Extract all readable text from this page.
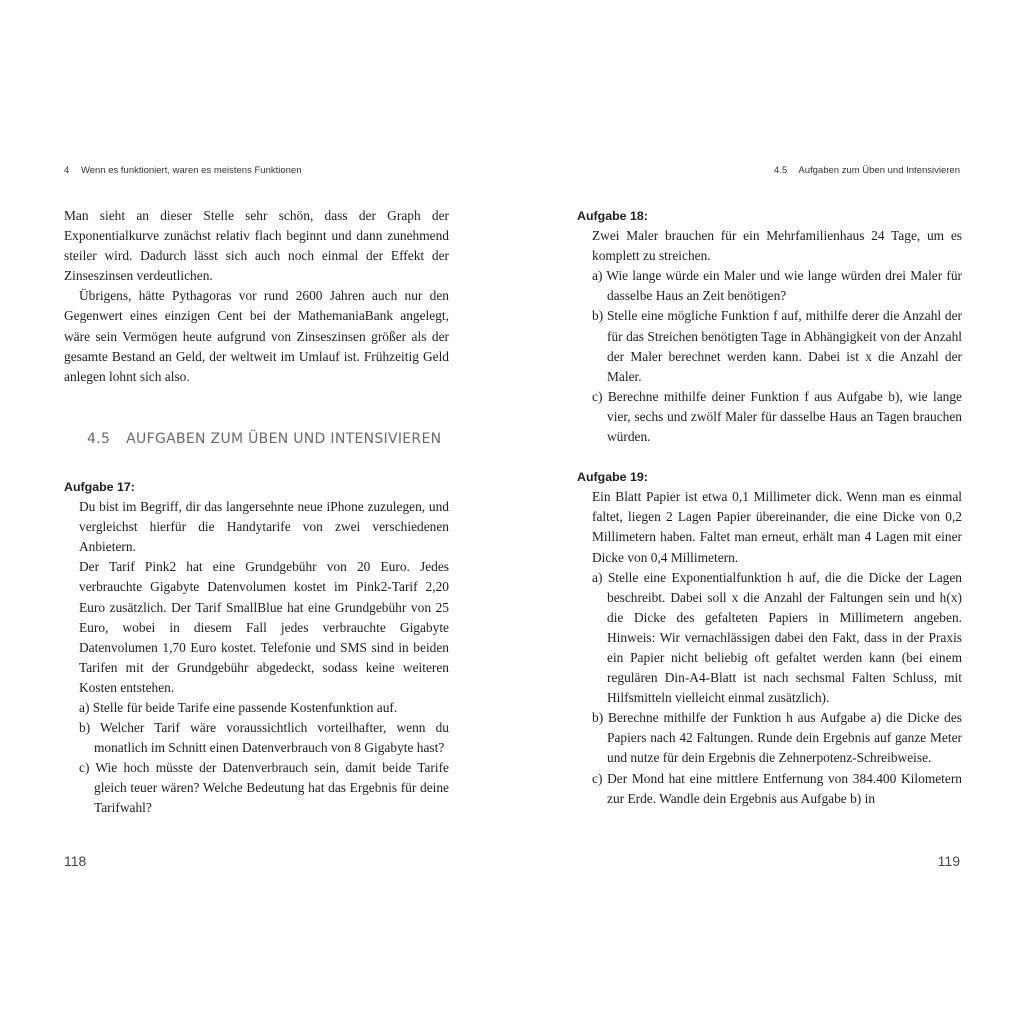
4 Wenn es funktioniert, waren es meistens Funktionen

Man sieht an dieser Stelle sehr schön, dass der Graph der Exponentialkurve zunächst relativ flach beginnt und dann zunehmend steiler wird. Dadurch lässt sich auch noch einmal der Effekt der Zinseszinsen verdeutlichen.

Übrigens, hätte Pythagoras vor rund 2600 Jahren auch nur den Gegenwert eines einzigen Cent bei der MathemaniaBank angelegt, wäre sein Vermögen heute aufgrund von Zinseszinsen größer als der gesamte Bestand an Geld, der weltweit im Umlauf ist. Frühzeitig Geld anlegen lohnt sich also.

4.5 AUFGABEN ZUM ÜBEN UND INTENSIVIEREN
Aufgabe 17:

Du bist im Begriff, dir das langersehnte neue iPhone zuzulegen, und vergleichst hierfür die Handytarife von zwei verschiedenen Anbietern.

Der Tarif Pink2 hat eine Grundgebühr von 20 Euro. Jedes verbrauchte Gigabyte Datenvolumen kostet im Pink2-Tarif 2,20 Euro zusätzlich. Der Tarif SmallBlue hat eine Grundgebühr von 25 Euro, wobei in diesem Fall jedes verbrauchte Gigabyte Datenvolumen 1,70 Euro kostet. Telefonie und SMS sind in beiden Tarifen mit der Grundgebühr abgedeckt, sodass keine weiteren Kosten entstehen.

a) Stelle für beide Tarife eine passende Kostenfunktion auf.

b) Welcher Tarif wäre voraussichtlich vorteilhafter, wenn du monatlich im Schnitt einen Datenverbrauch von 8 Gigabyte hast?

c) Wie hoch müsste der Datenverbrauch sein, damit beide Tarife gleich teuer wären? Welche Bedeutung hat das Ergebnis für deine Tarifwahl?

118
4.5 Aufgaben zum Üben und Intensivieren
Aufgabe 18:

Zwei Maler brauchen für ein Mehrfamilienhaus 24 Tage, um es komplett zu streichen.

a) Wie lange würde ein Maler und wie lange würden drei Maler für dasselbe Haus an Zeit benötigen?

b) Stelle eine mögliche Funktion f auf, mithilfe derer die Anzahl der für das Streichen benötigten Tage in Abhängigkeit von der Anzahl der Maler berechnet werden kann. Dabei ist x die Anzahl der Maler.

c) Berechne mithilfe deiner Funktion f aus Aufgabe b), wie lange vier, sechs und zwölf Maler für dasselbe Haus an Tagen brauchen würden.

Aufgabe 19:

Ein Blatt Papier ist etwa 0,1 Millimeter dick. Wenn man es einmal faltet, liegen 2 Lagen Papier übereinander, die eine Dicke von 0,2 Millimetern haben. Faltet man erneut, erhält man 4 Lagen mit einer Dicke von 0,4 Millimetern.

a) Stelle eine Exponentialfunktion h auf, die die Dicke der Lagen beschreibt. Dabei soll x die Anzahl der Faltungen sein und h(x) die Dicke des gefalteten Papiers in Millimetern angeben. Hinweis: Wir vernachlässigen dabei den Fakt, dass in der Praxis ein Papier nicht beliebig oft gefaltet werden kann (bei einem regulären Din-A4-Blatt ist nach sechsmal Falten Schluss, mit Hilfsmitteln vielleicht einmal zusätzlich).

b) Berechne mithilfe der Funktion h aus Aufgabe a) die Dicke des Papiers nach 42 Faltungen. Runde dein Ergebnis auf ganze Meter und nutze für dein Ergebnis die Zehnerpotenz-Schreibweise.

c) Der Mond hat eine mittlere Entfernung von 384.400 Kilometern zur Erde. Wandle dein Ergebnis aus Aufgabe b) in

119
